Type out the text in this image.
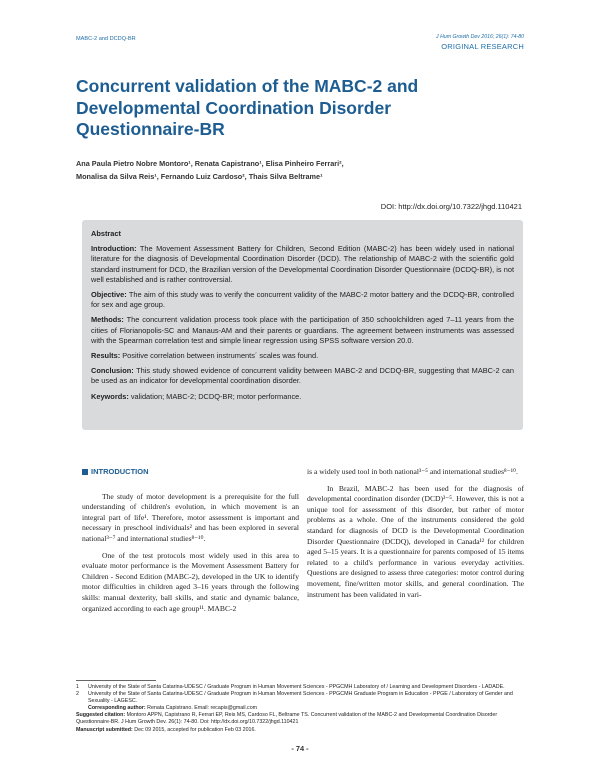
MABC-2 and DCDQ-BR	J Hum Growth Dev 2016; 26(1): 74-80
ORIGINAL RESEARCH
Concurrent validation of the MABC-2 and Developmental Coordination Disorder Questionnaire-BR
Ana Paula Pietro Nobre Montoro¹, Renata Capistrano¹, Elisa Pinheiro Ferrari²,
Monalisa da Silva Reis¹, Fernando Luiz Cardoso², Thais Silva Beltrame¹
DOI: http://dx.doi.org/10.7322/jhgd.110421
Abstract

Introduction: The Movement Assessment Battery for Children, Second Edition (MABC-2) has been widely used in national literature for the diagnosis of Developmental Coordination Disorder (DCD). The relationship of MABC-2 with the scientific gold standard instrument for DCD, the Brazilian version of the Developmental Coordination Disorder Questionnaire (DCDQ-BR), is not well established and is rather controversial.

Objective: The aim of this study was to verify the concurrent validity of the MABC-2 motor battery and the DCDQ-BR, controlled for sex and age group.

Methods: The concurrent validation process took place with the participation of 350 schoolchildren aged 7–11 years from the cities of Florianopolis-SC and Manaus-AM and their parents or guardians. The agreement between instruments was assessed with the Spearman correlation test and simple linear regression using SPSS software version 20.0.

Results: Positive correlation between instruments´ scales was found.

Conclusion: This study showed evidence of concurrent validity between MABC-2 and DCDQ-BR, suggesting that MABC-2 can be used as an indicator for developmental coordination disorder.

Keywords: validation; MABC-2; DCDQ-BR; motor performance.

INTRODUCTION

The study of motor development is a prerequisite for the full understanding of children's evolution, in which movement is an integral part of life¹. Therefore, motor assessment is important and necessary in preschool individuals² and has been explored in several national³⁻⁷ and international studies⁸⁻¹⁰.

One of the test protocols most widely used in this area to evaluate motor performance is the Movement Assessment Battery for Children - Second Edition (MABC-2), developed in the UK to identify motor difficulties in children aged 3–16 years through the following skills: manual dexterity, ball skills, and static and dynamic balance, organized according to each age group¹¹. MABC-2

is a widely used tool in both national³⁻⁵ and international studies⁸⁻¹⁰.

In Brazil, MABC-2 has been used for the diagnosis of developmental coordination disorder (DCD)³⁻⁵. However, this is not a unique tool for assessment of this disorder, but rather of motor problems as a whole. One of the instruments considered the gold standard for diagnosis of DCD is the Developmental Coordination Disorder Questionnaire (DCDQ), developed in Canada¹² for children aged 5–15 years. It is a questionnaire for parents composed of 15 items related to a child's performance in various everyday activities. Questions are designed to assess three categories: motor control during movement, fine/written motor skills, and general coordination. The instrument has been validated in vari-

1	University of the State of Santa Catarina-UDESC / Graduate Program in Human Movement Sciences - PPGCMH Laboratory of / Learning and Development Disorders - LADADE.
2	University of the State of Santa Catarina-UDESC / Graduate Program in Human Movement Sciences - PPGCMH Graduate Program in Education - PPGE / Laboratory of Gender and Sexuality - LAGESC.
Corresponding author: Renata Capistrano. Email: recapis@gmail.com
Suggested citation: Montoro APPN, Capistrano R, Ferrari EP, Reis MS, Cardoso FL, Beltrame TS. Concurrent validation of the MABC-2 and Developmental Coordination Disorder Questionnaire-BR. J Hum Growth Dev. 26(1): 74-80. Doi: http://dx.doi.org/10.7322/jhgd.110421
Manuscript submitted: Dec 09 2015, accepted for publication Feb 03 2016.
- 74 -
